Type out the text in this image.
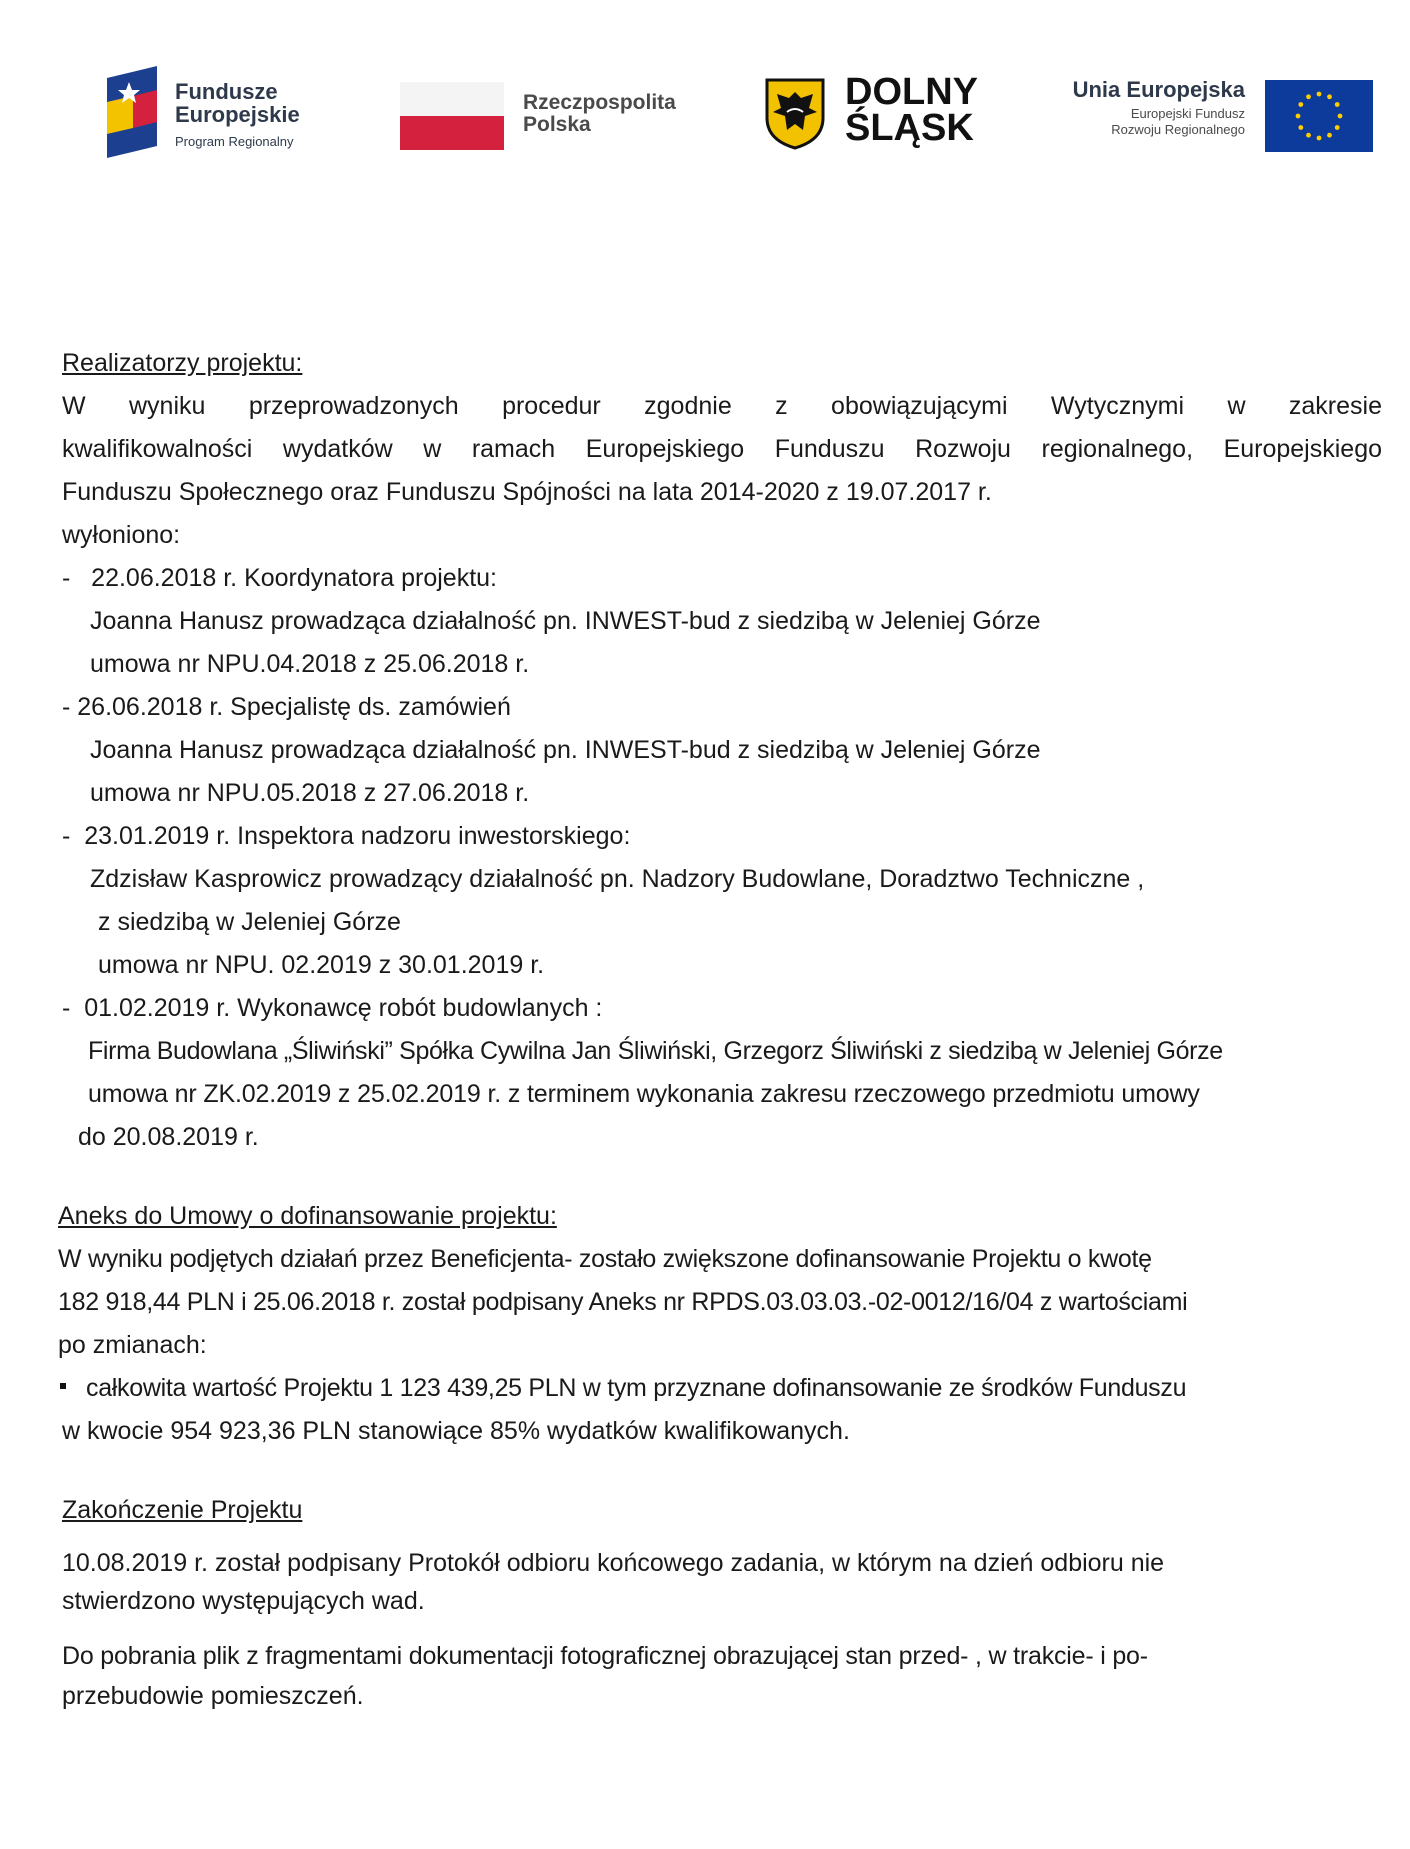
Fundusze
Europejskie
Program Regionalny
Rzeczpospolita
Polska
DOLNY
ŚLĄSK
Unia Europejska
Europejski Fundusz
Rozwoju Regionalnego

Realizatorzy projektu:

W wyniku przeprowadzonych procedur zgodnie z obowiązującymi Wytycznymi w zakresie

kwalifikowalności wydatków w ramach Europejskiego Funduszu Rozwoju regionalnego, Europejskiego

Funduszu Społecznego oraz Funduszu Spójności na lata 2014-2020 z 19.07.2017 r.

wyłoniono:

-   22.06.2018 r. Koordynatora projektu:

Joanna Hanusz prowadząca działalność pn. INWEST-bud z siedzibą w Jeleniej Górze

umowa nr NPU.04.2018 z 25.06.2018 r.

- 26.06.2018 r. Specjalistę ds. zamówień

Joanna Hanusz prowadząca działalność pn. INWEST-bud z siedzibą w Jeleniej Górze

umowa nr NPU.05.2018 z 27.06.2018 r.

-  23.01.2019 r. Inspektora nadzoru inwestorskiego:

Zdzisław Kasprowicz prowadzący działalność pn. Nadzory Budowlane, Doradztwo Techniczne ,

z siedzibą w Jeleniej Górze

umowa nr NPU. 02.2019 z 30.01.2019 r.

-  01.02.2019 r. Wykonawcę robót budowlanych :

Firma Budowlana „Śliwiński” Spółka Cywilna Jan Śliwiński, Grzegorz Śliwiński z siedzibą w Jeleniej Górze

umowa nr ZK.02.2019 z 25.02.2019 r. z terminem wykonania zakresu rzeczowego przedmiotu umowy

do 20.08.2019 r.

Aneks do Umowy o dofinansowanie projektu:

W wyniku podjętych działań przez Beneficjenta- zostało zwiększone dofinansowanie Projektu o kwotę

182 918,44 PLN i 25.06.2018 r. został podpisany Aneks nr RPDS.03.03.03.-02-0012/16/04 z wartościami

po zmianach:

całkowita wartość Projektu 1 123 439,25 PLN w tym przyznane dofinansowanie ze środków Funduszu

w kwocie 954 923,36 PLN stanowiące 85% wydatków kwalifikowanych.

Zakończenie Projektu

10.08.2019 r. został podpisany Protokół odbioru końcowego zadania, w którym na dzień odbioru nie

stwierdzono występujących wad.

Do pobrania plik z fragmentami dokumentacji fotograficznej obrazującej stan przed- , w trakcie- i po-

przebudowie pomieszczeń.
